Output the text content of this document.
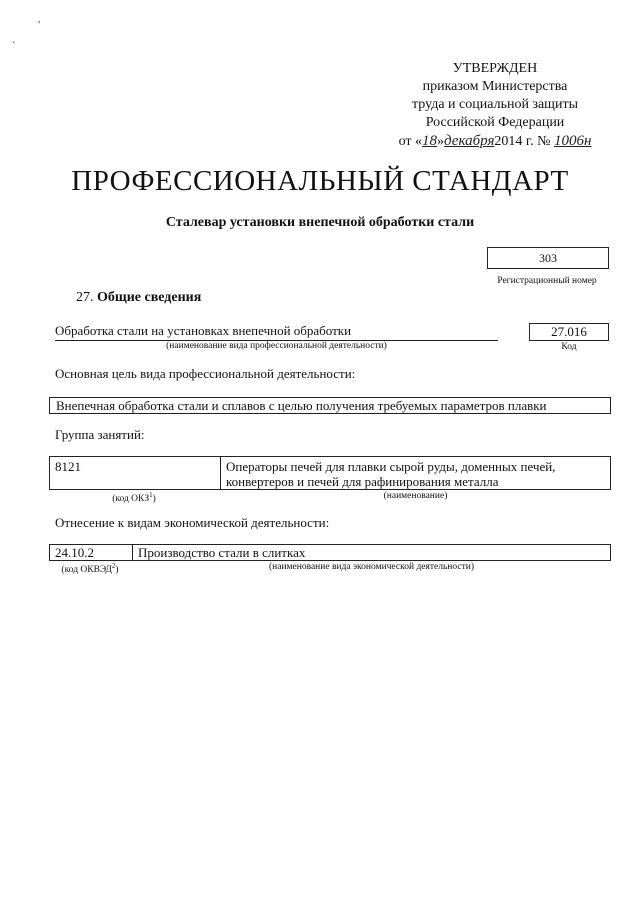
,
·
УТВЕРЖДЕН
приказом Министерства
труда и социальной защиты
Российской Федерации
от «18»декабря2014 г. № 1006н
ПРОФЕССИОНАЛЬНЫЙ СТАНДАРТ
Сталевар установки внепечной обработки стали
303
Регистрационный номер
27. Общие сведения
Обработка стали на установках внепечной обработки
(наименование вида профессиональной деятельности)
27.016
Код
Основная цель вида профессиональной деятельности:
Внепечная обработка стали и сплавов с целью получения требуемых параметров плавки
Группа занятий:
8121	Операторы печей для плавки сырой руды, доменных печей,
конвертеров и печей для рафинирования металла
(код ОКЗ$^1$)	(наименование)
Отнесение к видам экономической деятельности:
24.10.2	Производство стали в слитках
(код ОКВЭД$^2$)	(наименование вида экономической деятельности)
